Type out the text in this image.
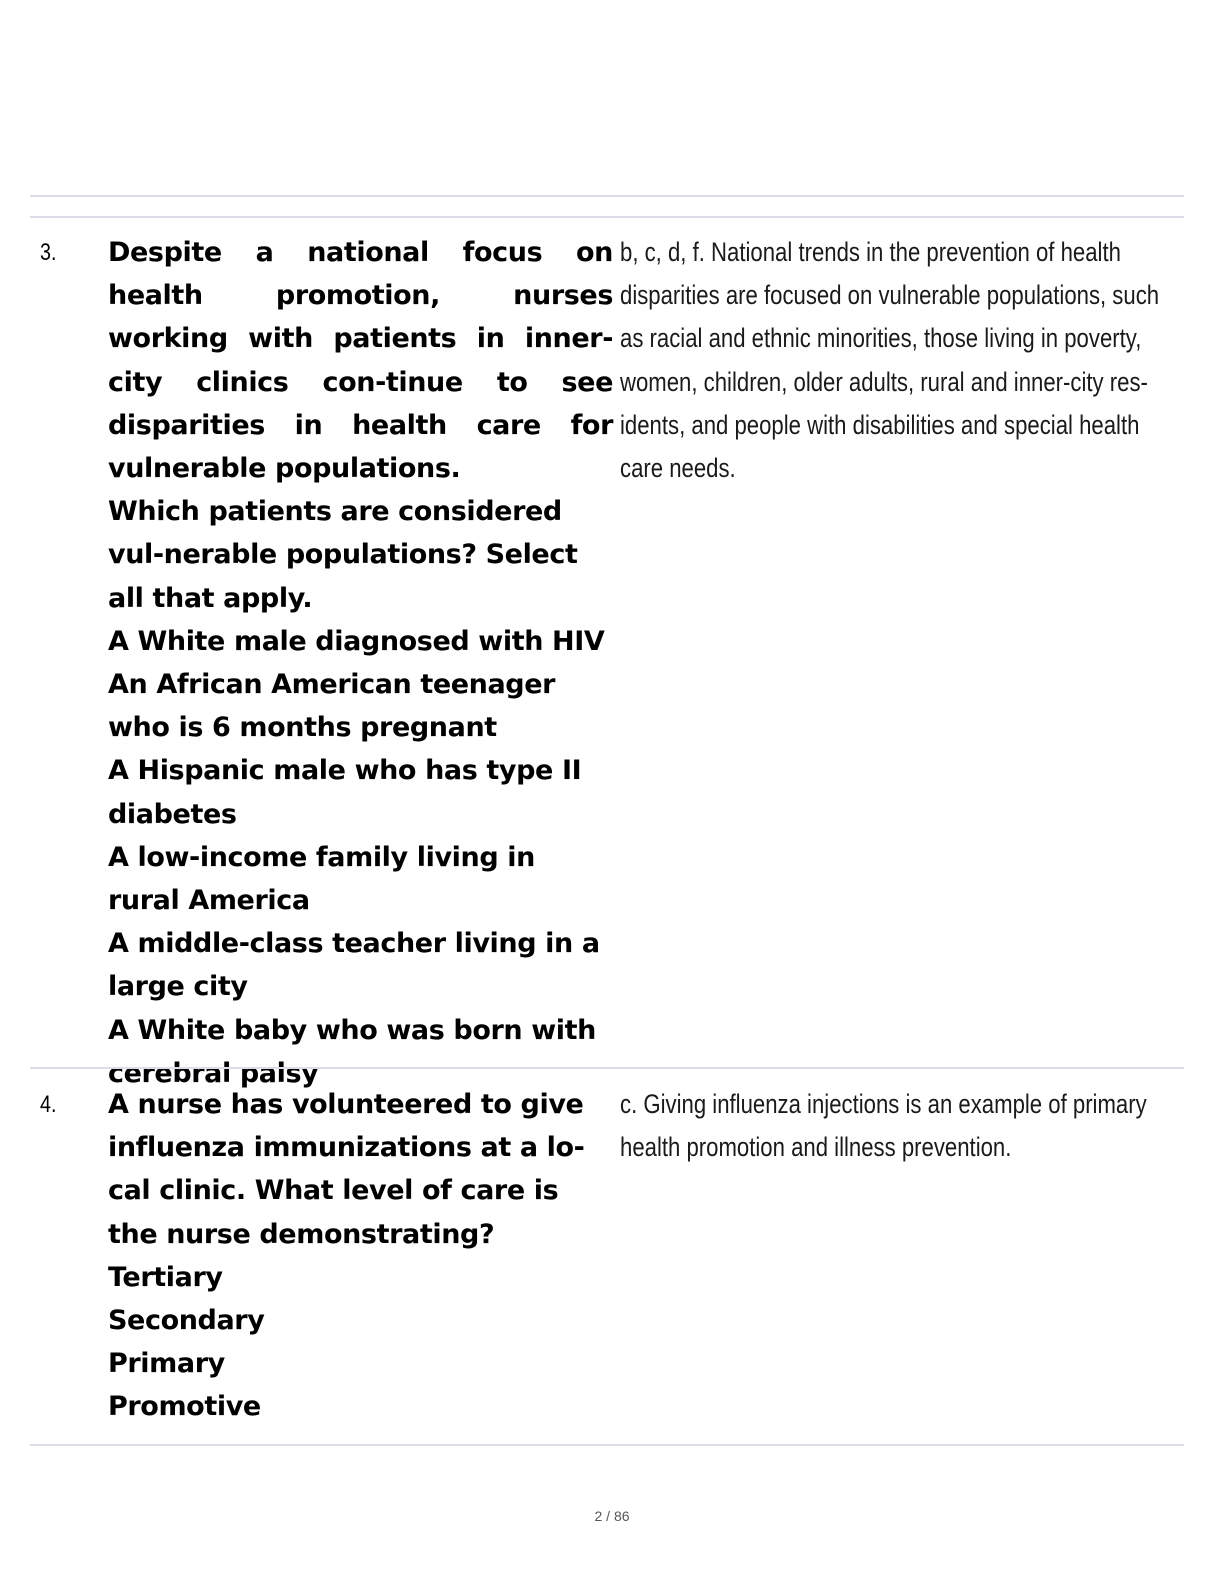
3. Despite a national focus on health promotion, nurses working with patients in inner-city clinics con-tinue to see disparities in health care for vulnerable populations.

Which patients are considered vul-nerable populations? Select all that apply.

A White male diagnosed with HIV
An African American teenager who is 6 months pregnant
A Hispanic male who has type II diabetes
A low-income family living in rural America
A middle-class teacher living in a large city
A White baby who was born with cerebral palsy
b, c, d, f. National trends in the prevention of health disparities are focused on vulnerable populations, such as racial and ethnic minorities, those living in poverty, women, children, older adults, rural and inner-city res-idents, and people with disabilities and special health care needs.
4. A nurse has volunteered to give influenza immunizations at a lo-cal clinic. What level of care is the nurse demonstrating?

Tertiary
Secondary
Primary
Promotive
c. Giving influenza injections is an example of primary health promotion and illness prevention.
2 / 86
